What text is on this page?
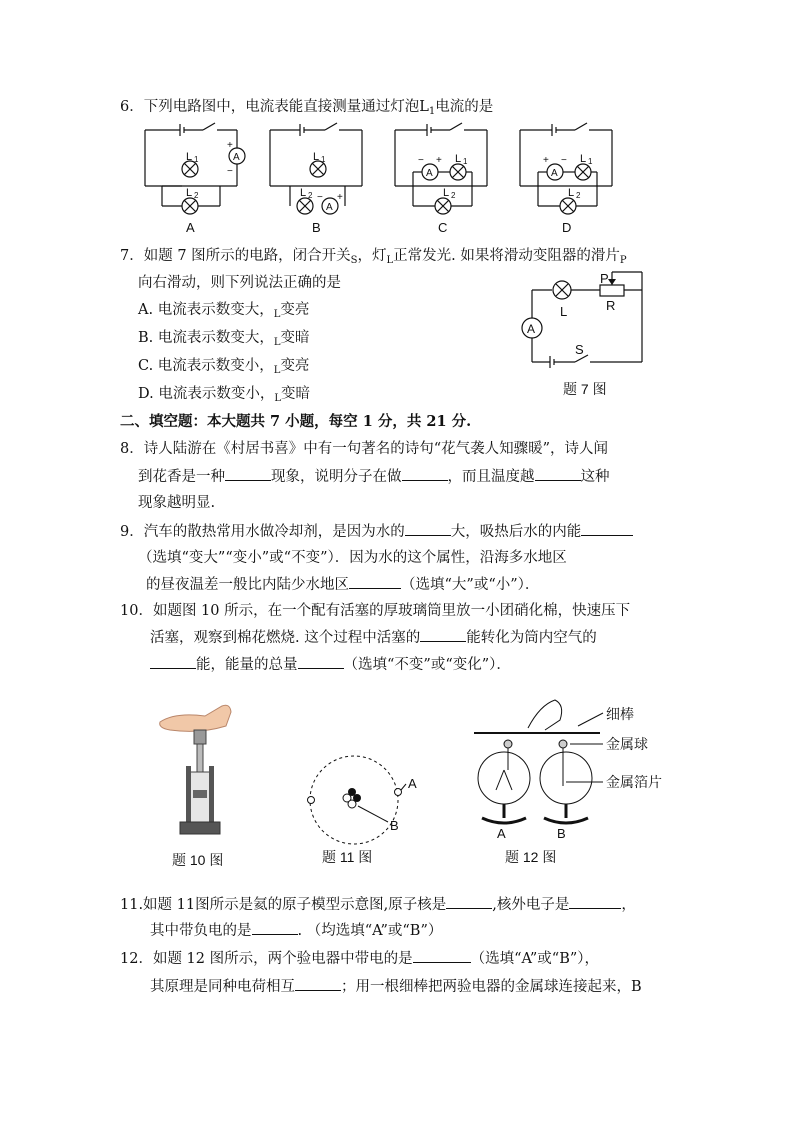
6．下列电路图中，电流表能直接测量通过灯泡$L_1$电流的是
L 1
L 2
A
+
−
L 1
L 2
A
− +
A
− + L 1
L 2
A
+ − L 1
L 2
A	B	C	D
7．如题 7 图所示的电路，闭合开关$_S$，灯$_L$正常发光. 如果将滑动变阻器的滑片$_P$
向右滑动，则下列说法正确的是
A. 电流表示数变大，$_L$变亮
B. 电流表示数变大，$_L$变暗
C. 电流表示数变小，$_L$变亮
D. 电流表示数变小，$_L$变暗
P
R
L
A
S
题 7 图
二、填空题：本大题共 7 小题，每空 1 分，共 21 分.
8．诗人陆游在《村居书喜》中有一句著名的诗句“花气袭人知骤暖”，诗人闻
到花香是一种	现象，说明分子在做	，而且温度越	这种
现象越明显.
9．汽车的散热常用水做冷却剂，是因为水的	大，吸热后水的内能
（选填“变大”“变小”或“不变”）．因为水的这个属性，沿海多水地区
的昼夜温差一般比内陆少水地区	（选填“大”或“小”）．
10．如题图 10 所示，在一个配有活塞的厚玻璃筒里放一小团硝化棉，快速压下
活塞，观察到棉花燃烧. 这个过程中活塞的	能转化为筒内空气的
能，能量的总量	（选填“不变”或“变化”）．
A
B
细棒
金属球
金属箔片
A	B
题 10 图	题 11 图	题 12 图
11.如题 11图所示是氦的原子模型示意图,原子核是	,核外电子是	，
其中带负电的是	. （均选填“A”或“B”）
12．如题 12 图所示，两个验电器中带电的是	（选填“A”或“B”），
其原理是同种电荷相互	；用一根细棒把两验电器的金属球连接起来，B
